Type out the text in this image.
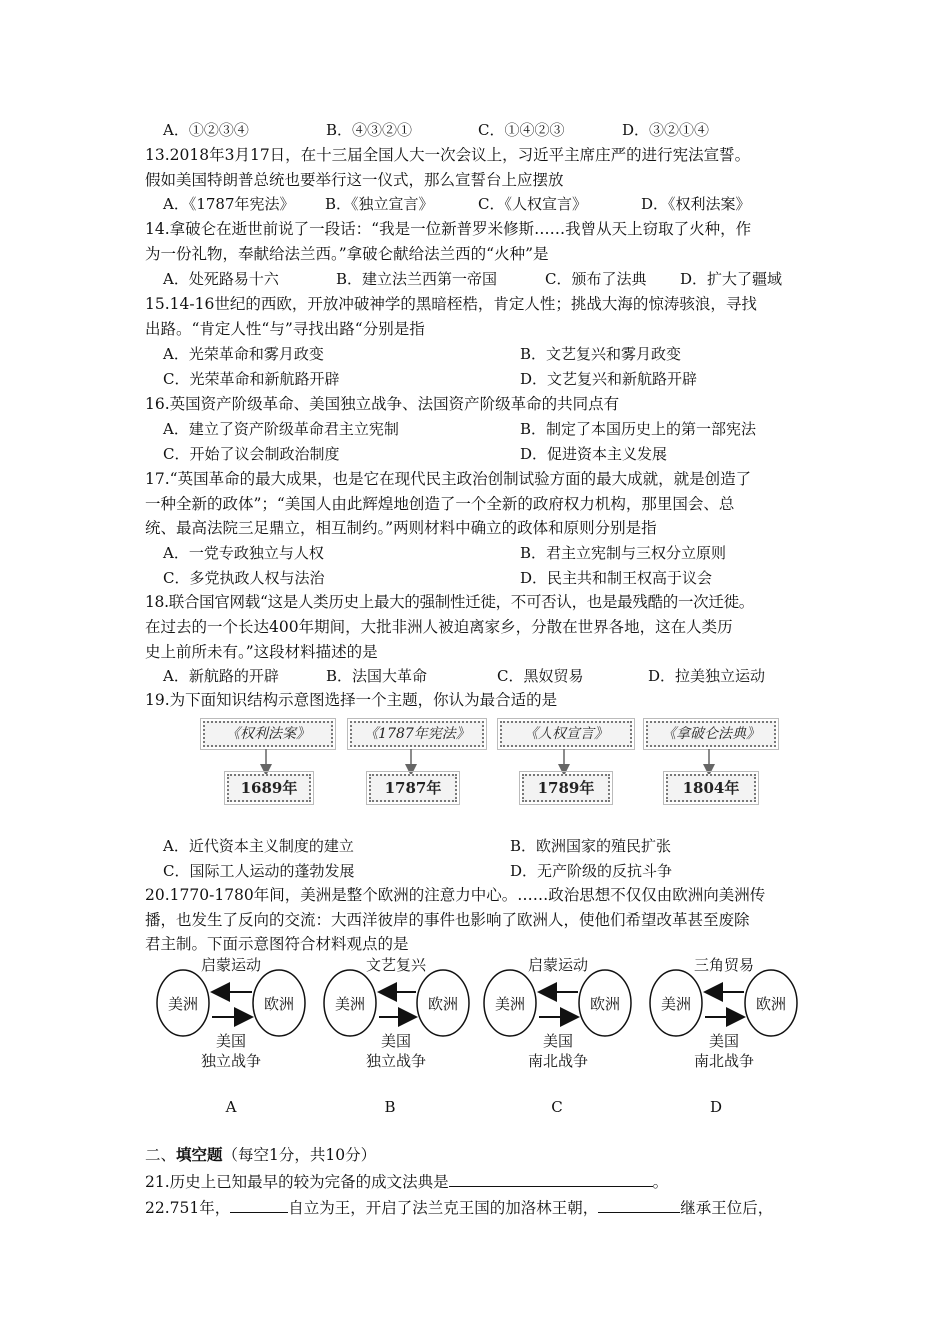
A．①②③④	B．④③②①	C．①④②③	D．③②①④
13.2018年3月17日，在十三届全国人大一次会议上，习近平主席庄严的进行宪法宣誓。
假如美国特朗普总统也要举行这一仪式，那么宣誓台上应摆放
A．《1787年宪法》 B．《独立宣言》	C．《人权宣言》	D．《权利法案》
14.拿破仑在逝世前说了一段话：“我是一位新普罗米修斯……我曾从天上窃取了火种，作
为一份礼物，奉献给法兰西。”拿破仑献给法兰西的“火种”是
A．处死路易十六	B．建立法兰西第一帝国	C．颁布了法典 D．扩大了疆域
15.14-16世纪的西欧，开放冲破神学的黑暗桎梏，肯定人性；挑战大海的惊涛骇浪，寻找
出路。“肯定人性“与”寻找出路“分别是指
A．光荣革命和雾月政变	B．文艺复兴和雾月政变
C．光荣革命和新航路开辟	D．文艺复兴和新航路开辟
16.英国资产阶级革命、美国独立战争、法国资产阶级革命的共同点有
A．建立了资产阶级革命君主立宪制	B．制定了本国历史上的第一部宪法
C．开始了议会制政治制度	D．促进资本主义发展
17.“英国革命的最大成果，也是它在现代民主政治创制试验方面的最大成就，就是创造了
一种全新的政体”；“美国人由此辉煌地创造了一个全新的政府权力机构，那里国会、总
统、最高法院三足鼎立，相互制约。”两则材料中确立的政体和原则分别是指
A．一党专政独立与人权	B．君主立宪制与三权分立原则
C．多党执政人权与法治	D．民主共和制王权高于议会
18.联合国官网载“这是人类历史上最大的强制性迁徙，不可否认，也是最残酷的一次迁徙。
在过去的一个长达400年期间，大批非洲人被迫离家乡，分散在世界各地，这在人类历
史上前所未有。”这段材料描述的是
A．新航路的开辟	B．法国大革命	C．黑奴贸易	D．拉美独立运动
19.为下面知识结构示意图选择一个主题，你认为最合适的是
《权利法案》	《1787年宪法》	《人权宣言》	《拿破仑法典》
1689年	1787年	1789年	1804年
A．近代资本主义制度的建立	B．欧洲国家的殖民扩张
C．国际工人运动的蓬勃发展	D．无产阶级的反抗斗争
20.1770-1780年间，美洲是整个欧洲的注意力中心。……政治思想不仅仅由欧洲向美洲传
播，也发生了反向的交流：大西洋彼岸的事件也影响了欧洲人，使他们希望改革甚至废除
君主制。下面示意图符合材料观点的是
启蒙运动
美洲	欧洲
美国
独立战争
A
文艺复兴
美洲	欧洲
美国
独立战争
B
启蒙运动
美洲	欧洲
美国
南北战争
C
三角贸易
美洲	欧洲
美国
南北战争
D
二、填空题（每空1分，共10分）
21.历史上已知最早的较为完备的成文法典是	。
22.751年，	自立为王，开启了法兰克王国的加洛林王朝，	继承王位后，
